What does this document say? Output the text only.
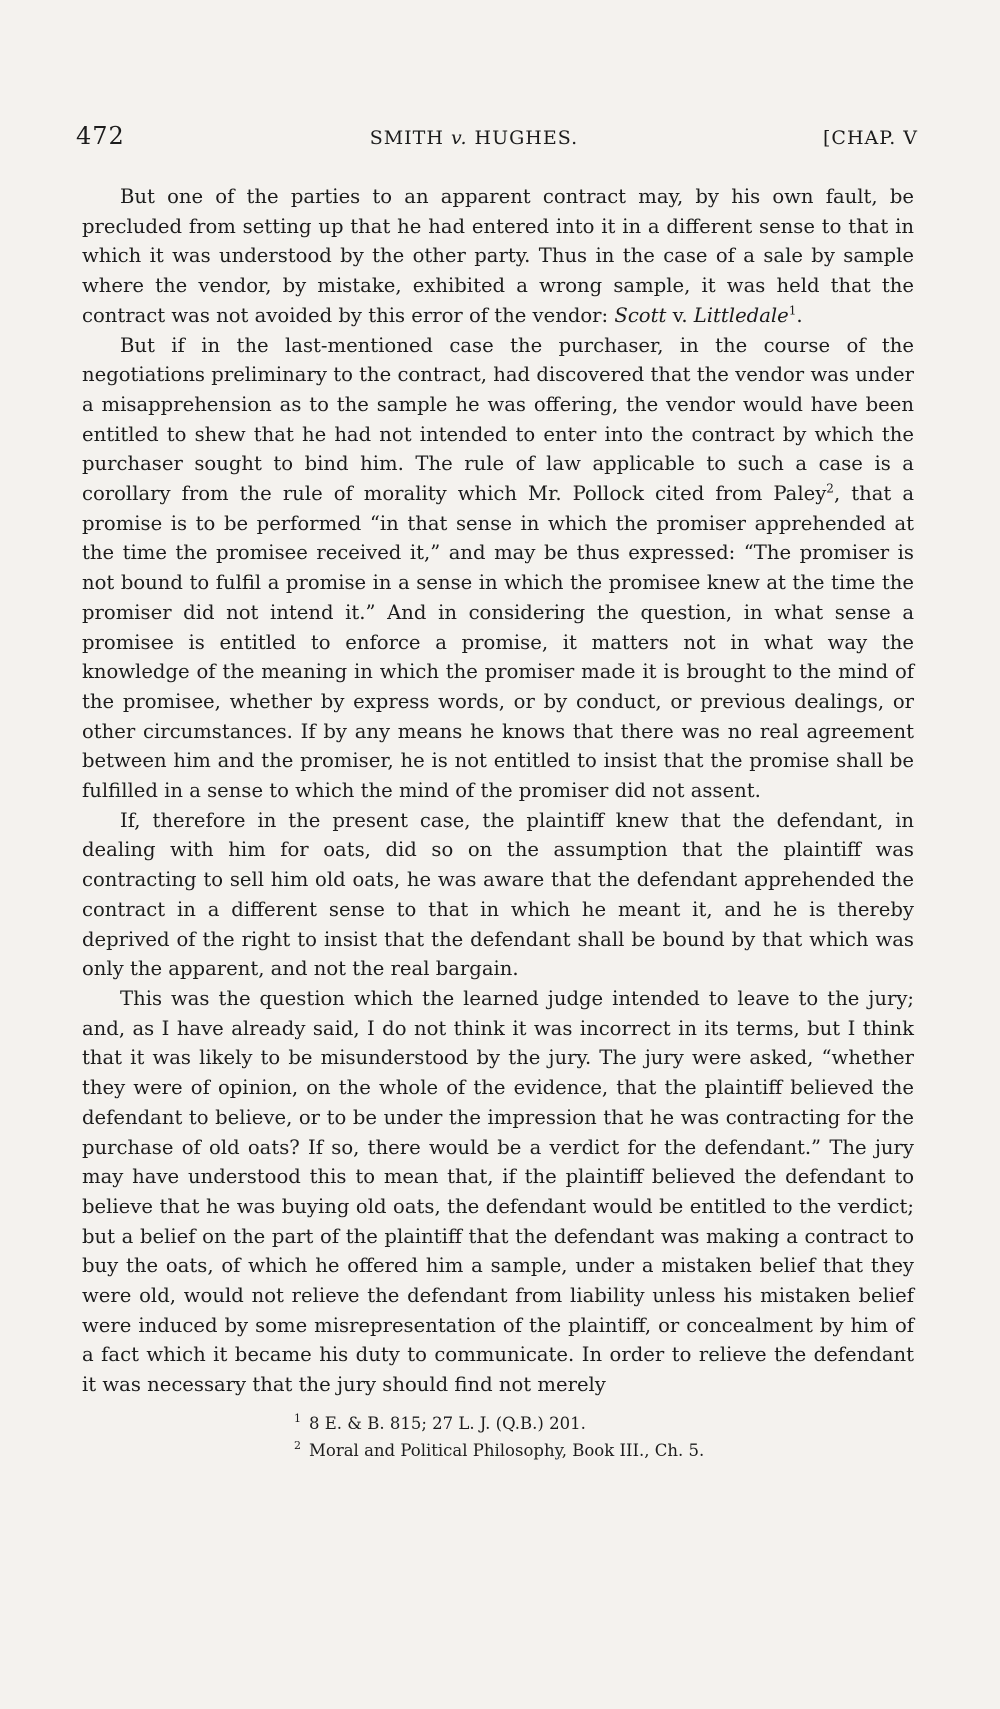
472	SMITH v. HUGHES.	[CHAP. V

But one of the parties to an apparent contract may, by his own fault, be precluded from setting up that he had entered into it in a different sense to that in which it was understood by the other party. Thus in the case of a sale by sample where the vendor, by mistake, exhibited a wrong sample, it was held that the contract was not avoided by this error of the vendor: Scott v. Littledale$^1$.

But if in the last-mentioned case the purchaser, in the course of the negotiations preliminary to the contract, had discovered that the vendor was under a misapprehension as to the sample he was offering, the vendor would have been entitled to shew that he had not intended to enter into the contract by which the purchaser sought to bind him. The rule of law applicable to such a case is a corollary from the rule of morality which Mr. Pollock cited from Paley$^2$, that a promise is to be performed “in that sense in which the promiser apprehended at the time the promisee received it,” and may be thus expressed: “The promiser is not bound to fulfil a promise in a sense in which the promisee knew at the time the promiser did not intend it.” And in considering the question, in what sense a promisee is entitled to enforce a promise, it matters not in what way the knowledge of the meaning in which the promiser made it is brought to the mind of the promisee, whether by express words, or by conduct, or previous dealings, or other circumstances. If by any means he knows that there was no real agreement between him and the promiser, he is not entitled to insist that the promise shall be fulfilled in a sense to which the mind of the promiser did not assent.

If, therefore in the present case, the plaintiff knew that the defendant, in dealing with him for oats, did so on the assumption that the plaintiff was contracting to sell him old oats, he was aware that the defendant apprehended the contract in a different sense to that in which he meant it, and he is thereby deprived of the right to insist that the defendant shall be bound by that which was only the apparent, and not the real bargain.

This was the question which the learned judge intended to leave to the jury; and, as I have already said, I do not think it was incorrect in its terms, but I think that it was likely to be misunderstood by the jury. The jury were asked, “whether they were of opinion, on the whole of the evidence, that the plaintiff believed the defendant to believe, or to be under the impression that he was contracting for the purchase of old oats? If so, there would be a verdict for the defendant.” The jury may have understood this to mean that, if the plaintiff believed the defendant to believe that he was buying old oats, the defendant would be entitled to the verdict; but a belief on the part of the plaintiff that the defendant was making a contract to buy the oats, of which he offered him a sample, under a mistaken belief that they were old, would not relieve the defendant from liability unless his mistaken belief were induced by some misrepresentation of the plaintiff, or concealment by him of a fact which it became his duty to communicate. In order to relieve the defendant it was necessary that the jury should find not merely

$^1$ 8 E. & B. 815; 27 L. J. (Q.B.) 201.

$^2$ Moral and Political Philosophy, Book III., Ch. 5.
